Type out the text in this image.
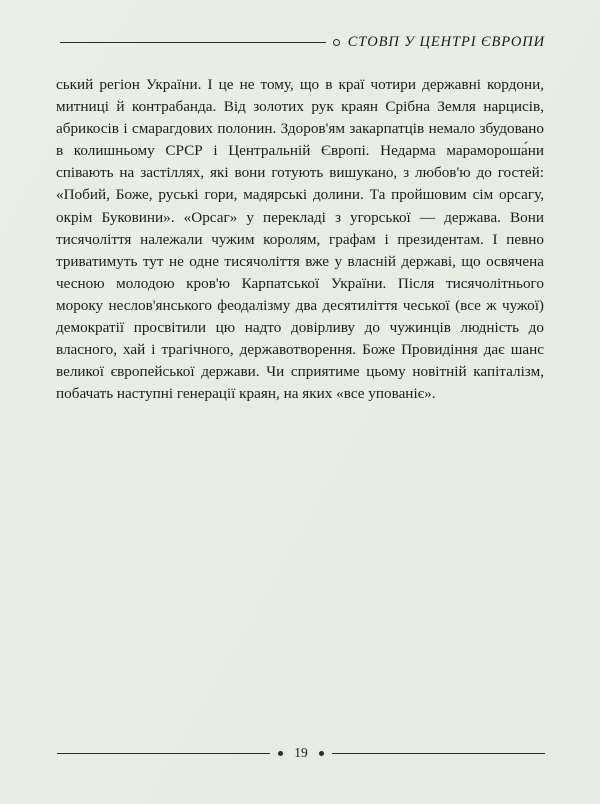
СТОВП У ЦЕНТРІ ЄВРОПИ

ський регіон України. І це не тому, що в краї чотири державні кордони, митниці й контрабанда. Від золотих рук краян Срібна Земля нарцисів, абрикосів і смарагдових полонин. Здоров'ям закарпатців немало збудовано в колишньому СРСР і Центральній Європі. Недарма марамороша́ни співають на застіллях, які вони готують вишукано, з любов'ю до гостей: «Побий, Боже, руські гори, мадярські долини. Та пройшовим сім орсагу, окрім Буковини». «Орсаг» у перекладі з угорської — держава. Вони тисячоліття належали чужим королям, графам і президентам. І певно триватимуть тут не одне тисячоліття вже у власній державі, що освячена чесною молодою кров'ю Карпатської України. Після тисячолітнього мороку неслов'янського феодалізму два десятиліття чеської (все ж чужої) демократії просвітили цю надто довірливу до чужинців людність до власного, хай і трагічного, державотворення. Боже Провидіння дає шанс великої європейської держави. Чи сприятиме цьому новітній капіталізм, побачать наступні генерації краян, на яких «все упованіє».

19
